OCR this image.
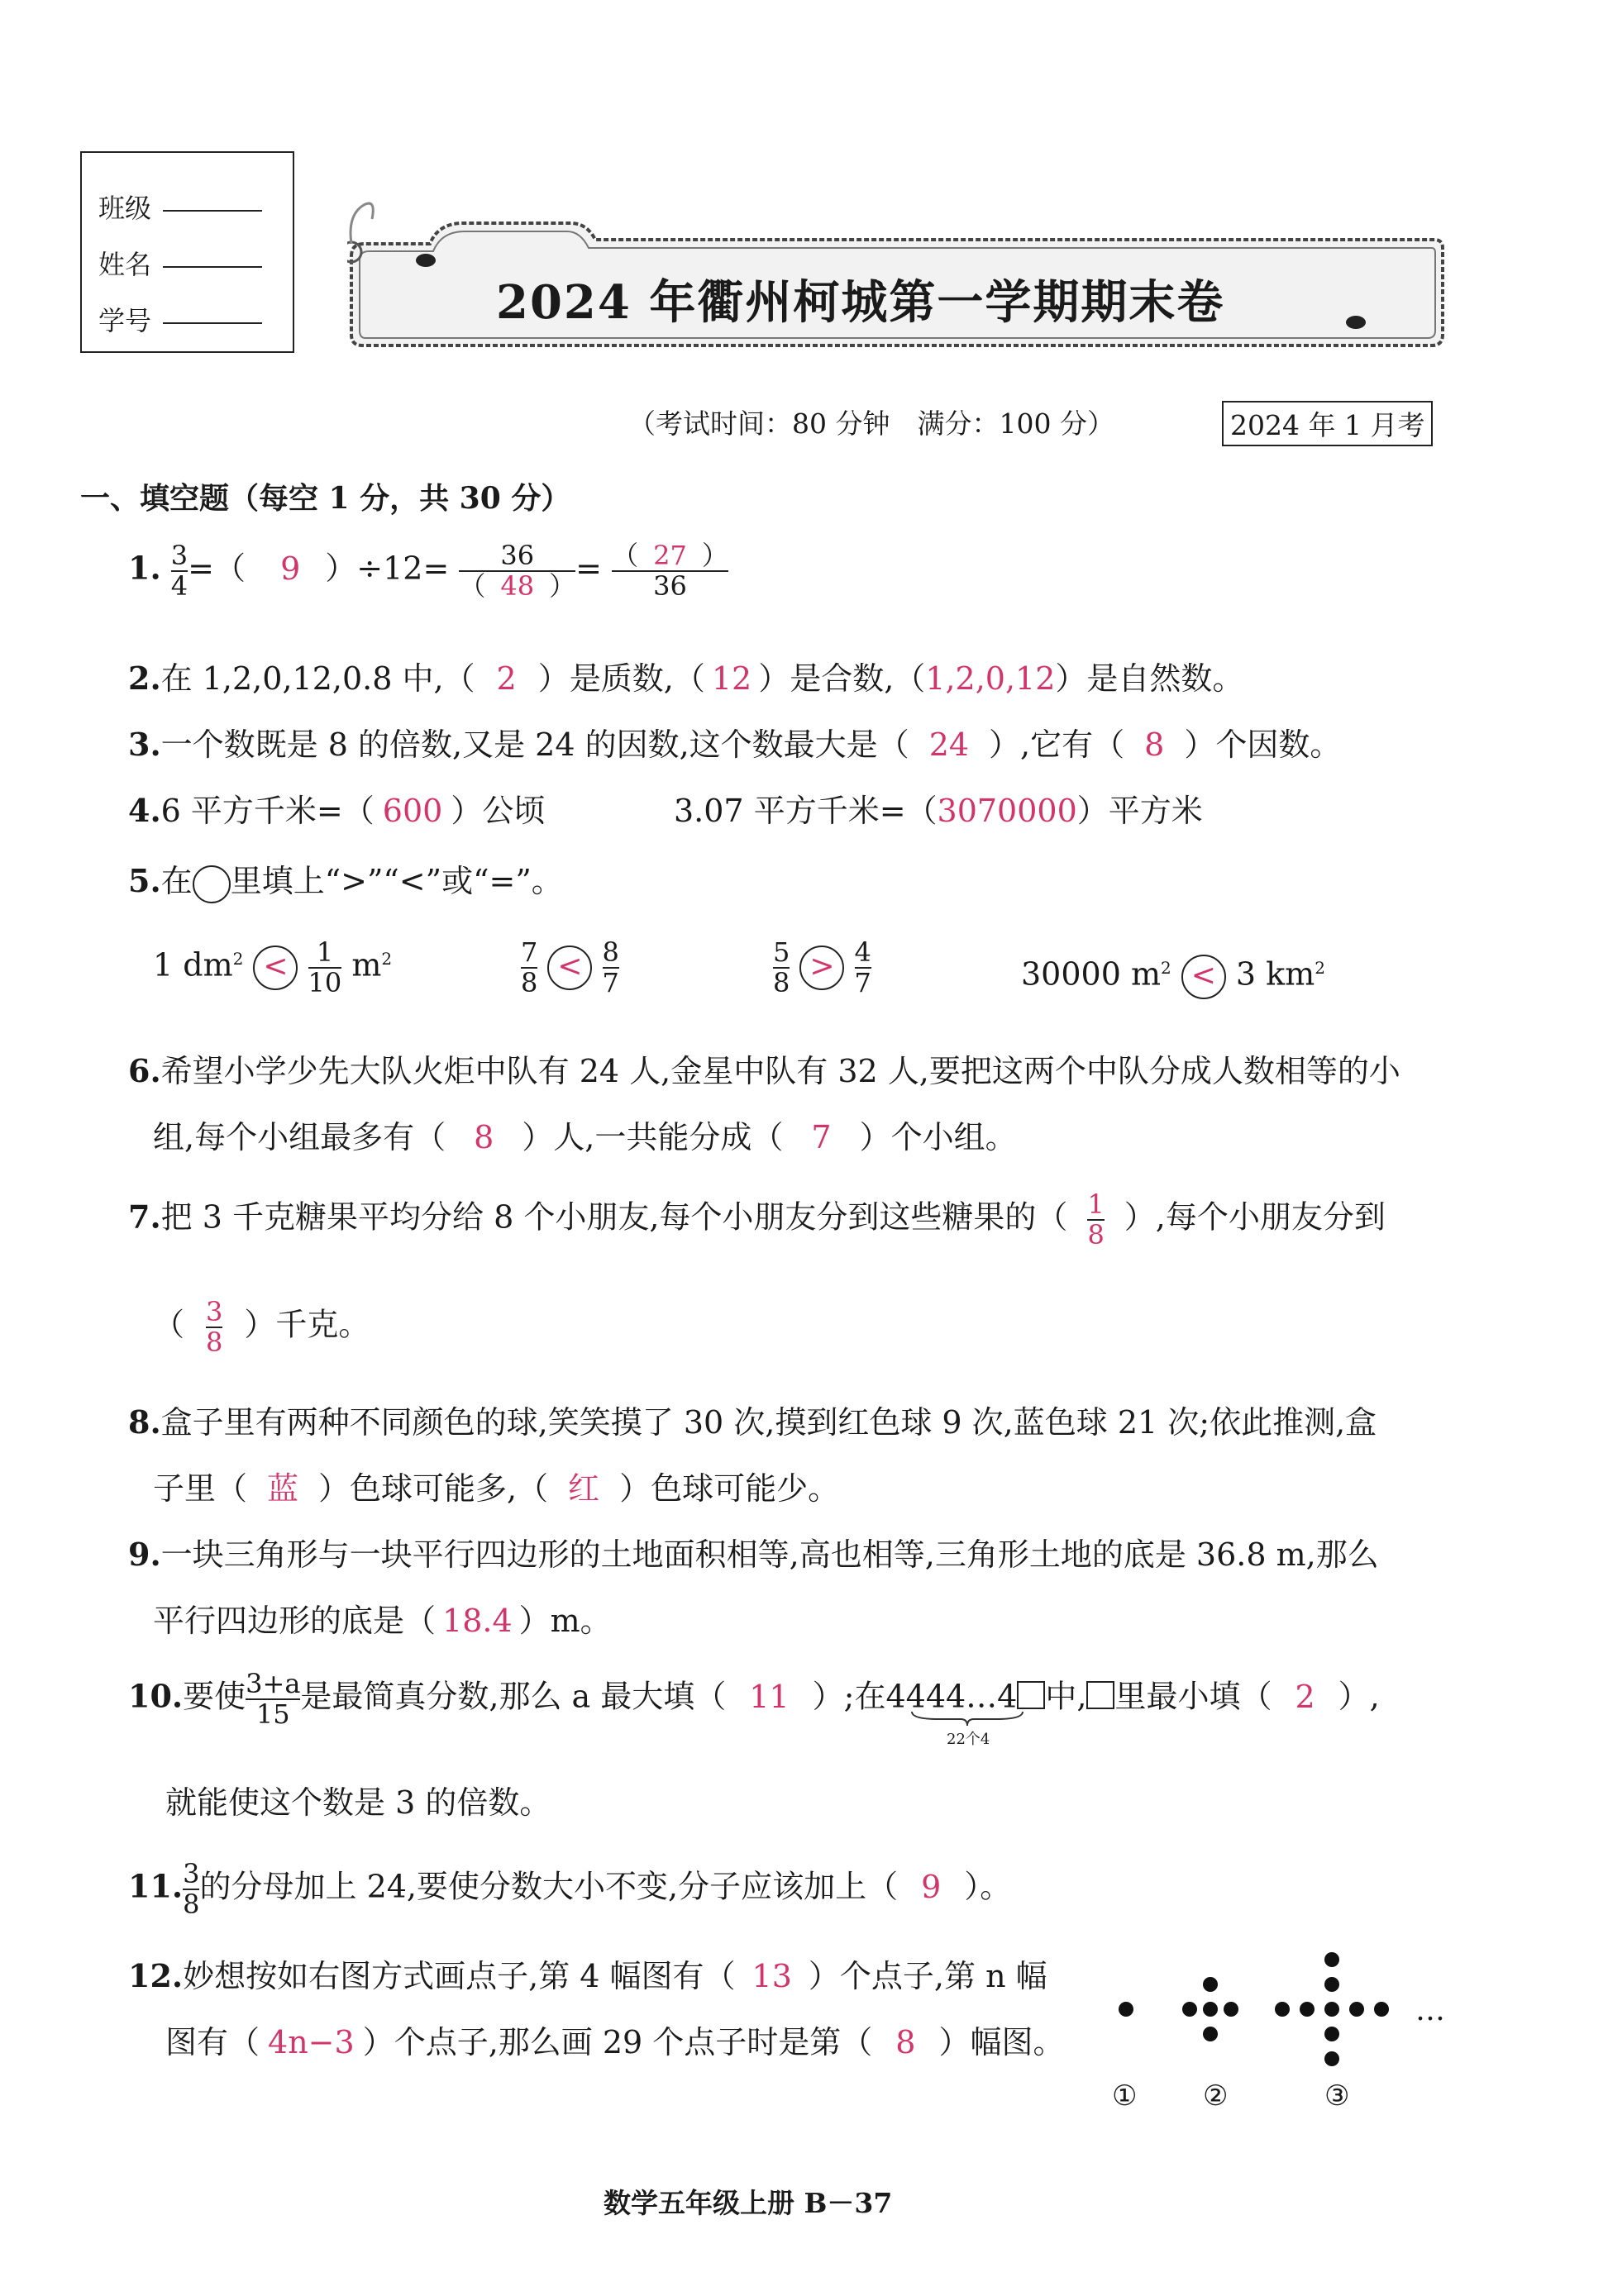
班级
姓名
学号	2024 年衢州柯城第一学期期末卷
（考试时间：80 分钟　满分：100 分）	2024 年 1 月考
一、填空题（每空 1 分，共 30 分）
1. $\frac{3}{4}$ =（ 9 ）$\div 12= \frac{36}{( 48 )} = \frac{( 27 )}{36}$
2.在 1,2,0,12,0.8 中,（ 2 ）是质数,（ 12 ）是合数,（1,2,0,12）是自然数。
3.一个数既是 8 的倍数,又是 24 的因数,这个数最大是（ 24 ）,它有（ 8 ）个因数。
4.6 平方千米=（ 600 ）公顷	3.07 平方千米=（3070000）平方米
5.在 里填上“>”“<”或“=”。
1 $dm^2 < \frac{1}{10} m^2$	$\frac{7}{8} < \frac{8}{7}$	$\frac{5}{8} > \frac{4}{7}$	30000 $m^2 < 3$ $km^2$
6.希望小学少先大队火炬中队有 24 人,金星中队有 32 人,要把这两个中队分成人数相等的小
组,每个小组最多有（ 8 ）人,一共能分成（ 7 ）个小组。
7.把 3 千克糖果平均分给 8 个小朋友,每个小朋友分到这些糖果的（ $\frac{1}{8}$ ）,每个小朋友分到
（ $\frac{3}{8}$ ）千克。
8.盒子里有两种不同颜色的球,笑笑摸了 30 次,摸到红色球 9 次,蓝色球 21 次;依此推测,盒
子里（ 蓝 ）色球可能多,（ 红 ）色球可能少。
9.一块三角形与一块平行四边形的土地面积相等,高也相等,三角形土地的底是 36.8 m,那么
平行四边形的底是（ 18.4 ）m。
10.要使 $\frac{3+a}{15}$ 是最简真分数,那么 a 最大填（ 11 ）;在4444…4 中, 里最小填（ 2 ）,
22个4
就能使这个数是 3 的倍数。
11. $\frac{3}{8}$ 的分母加上 24,要使分数大小不变,分子应该加上（ 9 ）。
12.妙想按如右图方式画点子,第 4 幅图有（ 13 ）个点子,第 n 幅
图有（ 4n−3 ）个点子,那么画 29 个点子时是第（ 8 ）幅图。
…
① ②	③
数学五年级上册 B－37
